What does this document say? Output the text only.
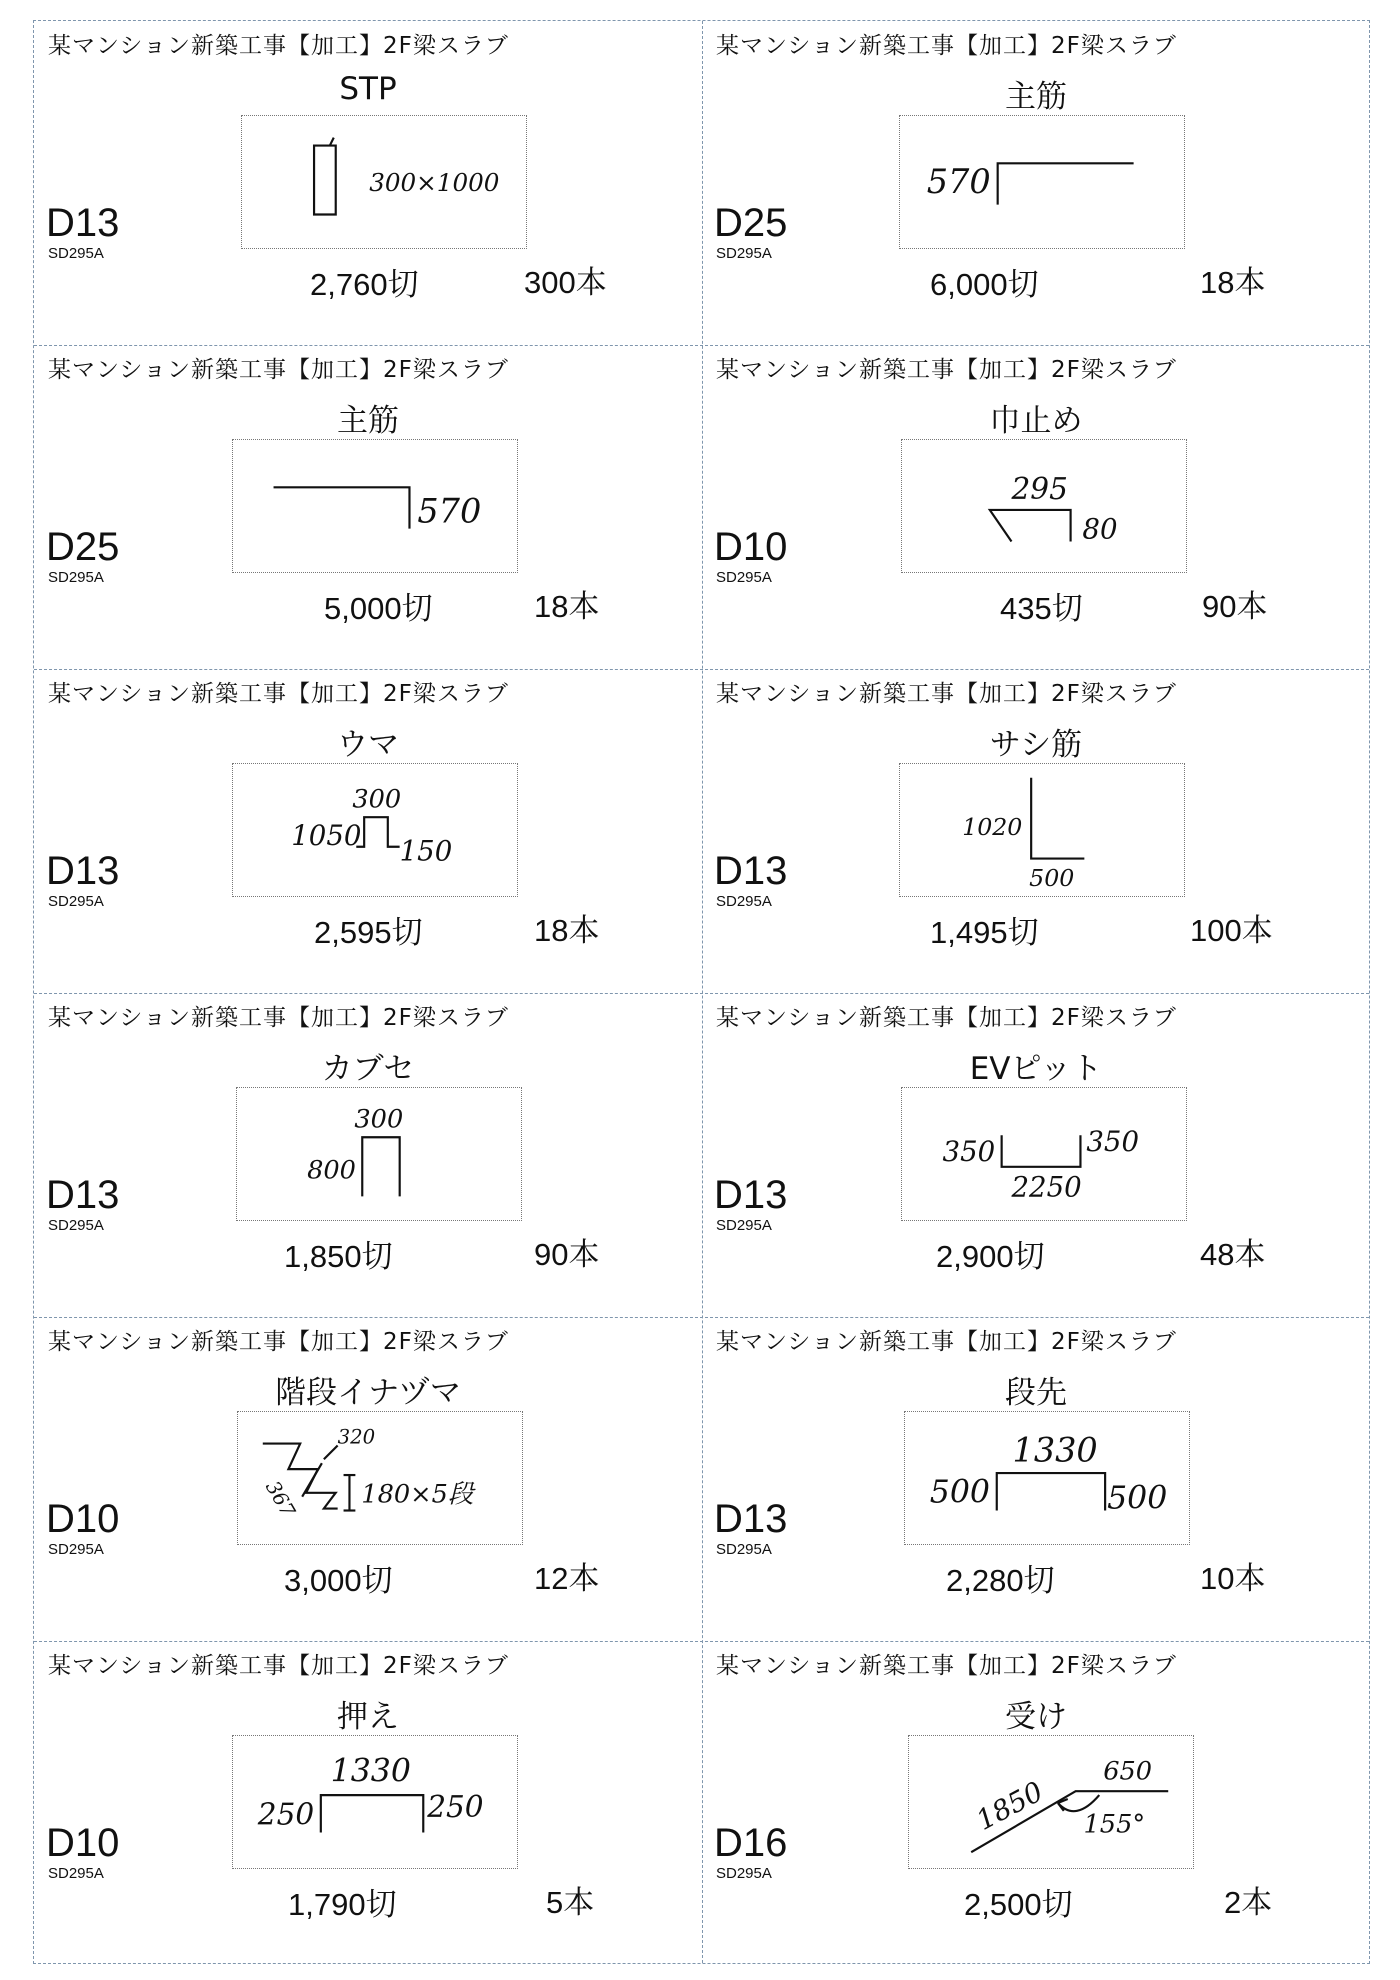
某マンション新築工事【加工】2F梁スラブ
STP
300×1000
D13
SD295A
2,760切	300本
某マンション新築工事【加工】2F梁スラブ
主筋
570
D25
SD295A
6,000切	18本
某マンション新築工事【加工】2F梁スラブ
主筋
570
D25
SD295A
5,000切	18本
某マンション新築工事【加工】2F梁スラブ
巾止め
295
80
D10
SD295A
435切	90本
某マンション新築工事【加工】2F梁スラブ
ウマ
300
1050 150
D13
SD295A
2,595切	18本
某マンション新築工事【加工】2F梁スラブ
サシ筋
1020
500
D13
SD295A
1,495切	100本
某マンション新築工事【加工】2F梁スラブ
カブセ
300
800
D13
SD295A
1,850切	90本
某マンション新築工事【加工】2F梁スラブ
EVピット
350	350
2250
D13
SD295A
2,900切	48本
某マンション新築工事【加工】2F梁スラブ
階段イナヅマ
320
180×5段
367
D10
SD295A
3,000切	12本
某マンション新築工事【加工】2F梁スラブ
段先
1330
500	500
D13
SD295A
2,280切	10本
某マンション新築工事【加工】2F梁スラブ
押え
1330
250	250
D10
SD295A
1,790切	5本
某マンション新築工事【加工】2F梁スラブ
受け
1850
650
155°
D16
SD295A
2,500切	2本
